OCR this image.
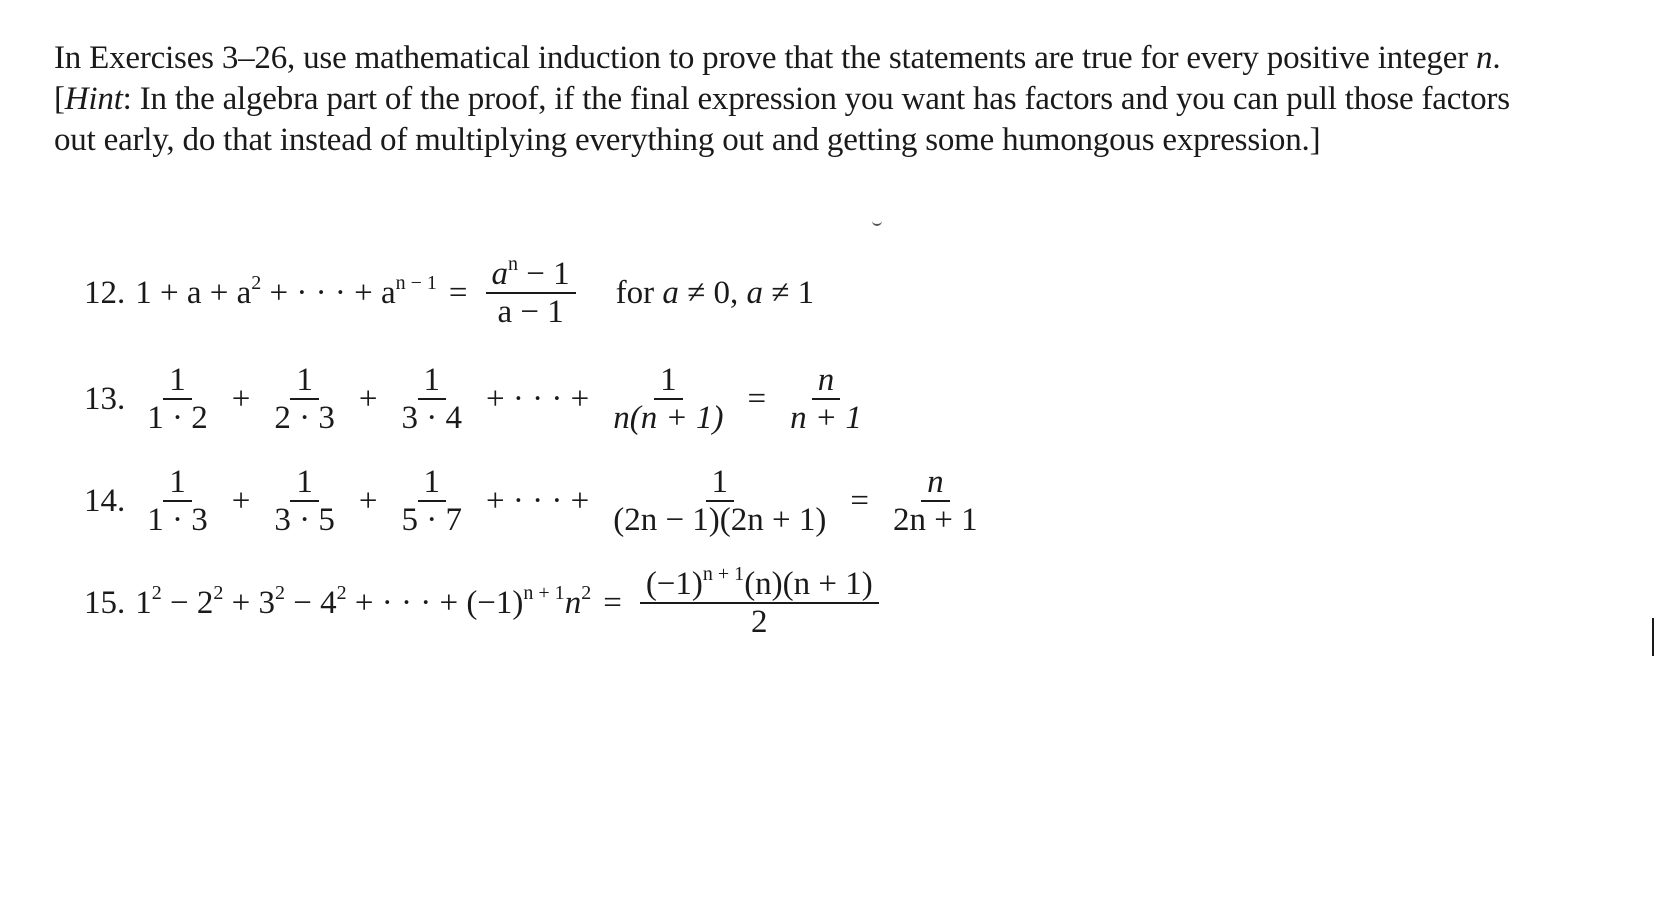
In Exercises 3–26, use mathematical induction to prove that the statements are true for every positive integer n.

[Hint: In the algebra part of the proof, if the final expression you want has factors and you can pull those factors

out early, do that instead of multiplying everything out and getting some humongous expression.]

12. $1 + a + a^2$ + · · · + $a^{n - 1} = \frac{a^n - 1}{a - 1}$ for a ≠ 0, a ≠ 1
13. $\frac{1}{1 \cdot 2} + \frac{1}{2 \cdot 3} + \frac{1}{3 \cdot 4}$ + · · · + $\frac{1}{n(n + 1)} = \frac{n}{n + 1}$
14. $\frac{1}{1 \cdot 3} + \frac{1}{3 \cdot 5} + \frac{1}{5 \cdot 7}$ + · · · + $\frac{1}{(2n - 1)(2n + 1)} = \frac{n}{2n + 1}$
15. $1^2 - 2^2 + 3^2 - 4^2$ + · · · + $(-1)^{n + 1}n^2 = \frac{(-1)^{n + 1}(n)(n + 1)}{2}$
